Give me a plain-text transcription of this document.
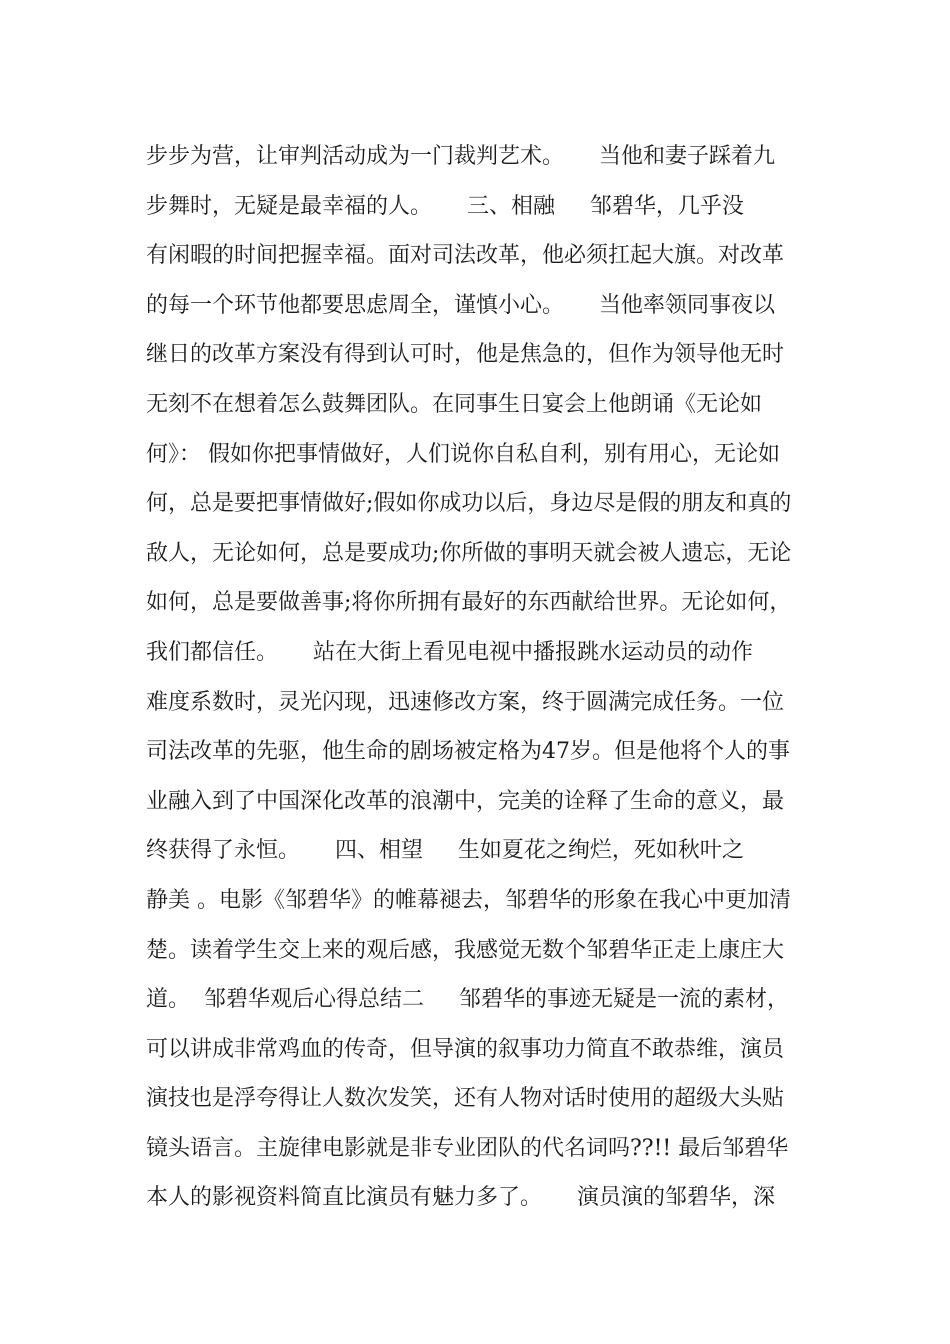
步步为营，让审判活动成为一门裁判艺术。     当他和妻子踩着九
步舞时，无疑是最幸福的人。     三、相融     邹碧华，几乎没
有闲暇的时间把握幸福。面对司法改革，他必须扛起大旗。对改革
的每一个环节他都要思虑周全，谨慎小心。     当他率领同事夜以
继日的改革方案没有得到认可时，他是焦急的，但作为领导他无时
无刻不在想着怎么鼓舞团队。在同事生日宴会上他朗诵《无论如
何》： 假如你把事情做好，人们说你自私自利，别有用心，无论如
何，总是要把事情做好;假如你成功以后，身边尽是假的朋友和真的
敌人，无论如何，总是要成功;你所做的事明天就会被人遗忘，无论
如何，总是要做善事;将你所拥有最好的东西献给世界。无论如何，
我们都信任。     站在大街上看见电视中播报跳水运动员的动作
难度系数时，灵光闪现，迅速修改方案，终于圆满完成任务。一位
司法改革的先驱，他生命的剧场被定格为47岁。但是他将个人的事
业融入到了中国深化改革的浪潮中，完美的诠释了生命的意义，最
终获得了永恒。     四、相望     生如夏花之绚烂，死如秋叶之
静美 。电影《邹碧华》的帷幕褪去，邹碧华的形象在我心中更加清
楚。读着学生交上来的观后感，我感觉无数个邹碧华正走上康庄大
道。  邹碧华观后心得总结二     邹碧华的事迹无疑是一流的素材，
可以讲成非常鸡血的传奇，但导演的叙事功力简直不敢恭维，演员
演技也是浮夸得让人数次发笑，还有人物对话时使用的超级大头贴
镜头语言。主旋律电影就是非专业团队的代名词吗??!! 最后邹碧华
本人的影视资料简直比演员有魅力多了。     演员演的邹碧华，深
